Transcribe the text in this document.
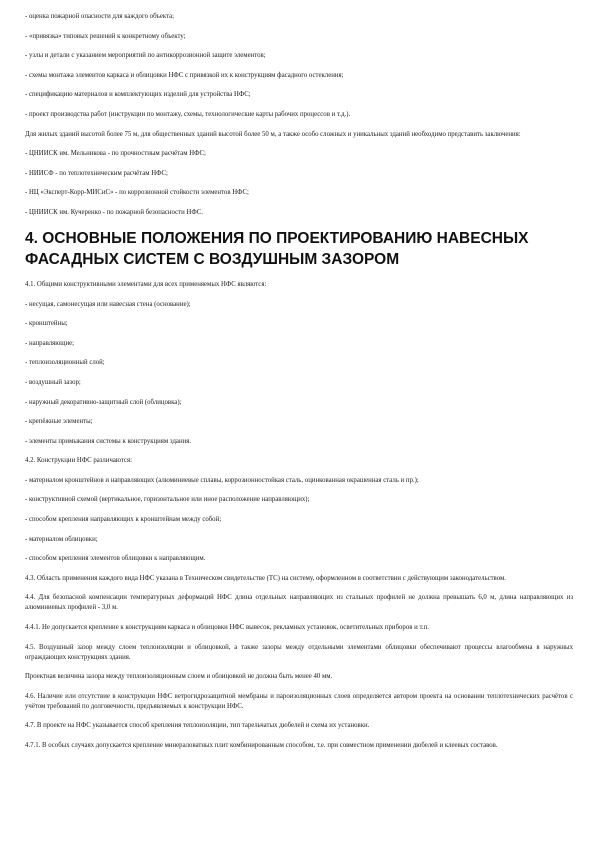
- оценка пожарной опасности для каждого объекта;

- «привязка» типовых решений к конкретному объекту;

- узлы и детали с указанием мероприятий по антикоррозионной защите элементов;

- схемы монтажа элементов каркаса и облицовки НФС с привязкой их к конструкциям фасадного остекления;

- спецификацию материалов и комплектующих изделий для устройства НФС;

- проект производства работ (инструкции по монтажу, схемы, технологические карты рабочих процессов и т.д.).

Для жилых зданий высотой более 75 м, для общественных зданий высотой более 50 м, а также особо сложных и уникальных зданий необходимо представить заключения:

- ЦНИИСК им. Мельникова - по прочностным расчётам НФС;

- НИИСФ - по теплотехническим расчётам НФС;

- НЦ «Эксперт-Корр-МИСиС» - по коррозионной стойкости элементов НФС;

- ЦНИИСК им. Кучеренко - по пожарной безопасности НФС.

4. ОСНОВНЫЕ ПОЛОЖЕНИЯ ПО ПРОЕКТИРОВАНИЮ НАВЕСНЫХ ФАСАДНЫХ СИСТЕМ С ВОЗДУШНЫМ ЗАЗОРОМ

4.1. Общими конструктивными элементами для всех применяемых НФС являются:

- несущая, самонесущая или навесная стена (основание);

- кронштейны;

- направляющие;

- теплоизоляционный слой;

- воздушный зазор;

- наружный декоративно-защитный слой (облицовка);

- крепёжные элементы;

- элементы примыкания системы к конструкциям здания.

4.2. Конструкции НФС различаются:

- материалом кронштейнов и направляющих (алюминиевые сплавы, коррозионностойкая сталь, оцинкованная окрашенная сталь и пр.);

- конструктивной схемой (вертикальное, горизонтальное или иное расположение направляющих);

- способом крепления направляющих к кронштейнам между собой;

- материалом облицовки;

- способом крепления элементов облицовки к направляющим.

4.3. Область применения каждого вида НФС указана в Техническом свидетельстве (ТС) на систему, оформленном в соответствии с действующим законодательством.

4.4. Для безопасной компенсации температурных деформаций НФС длина отдельных направляющих из стальных профилей не должна превышать 6,0 м, длина направляющих из алюминиевых профилей - 3,0 м.

4.4.1. Не допускается крепление к конструкциям каркаса и облицовки НФС вывесок, рекламных установок, осветительных приборов и т.п.

4.5. Воздушный зазор между слоем теплоизоляции и облицовкой, а также зазоры между отдельными элементами облицовки обеспечивают процессы влагообмена в наружных ограждающих конструкциях здания.

Проектная величина зазора между теплоизоляционным слоем и облицовкой не должна быть менее 40 мм.

4.6. Наличие или отсутствие в конструкции НФС ветрогидрозащитной мембраны и пароизоляционных слоев определяется автором проекта на основании теплотехнических расчётов с учётом требований по долговечности, предъявляемых к конструкции НФС.

4.7. В проекте на НФС указывается способ крепления теплоизоляции, тип тарельчатых дюбелей и схема их установки.

4.7.1. В особых случаях допускается крепление минераловатных плит комбинированным способом, т.е. при совместном применении дюбелей и клеевых составов.
